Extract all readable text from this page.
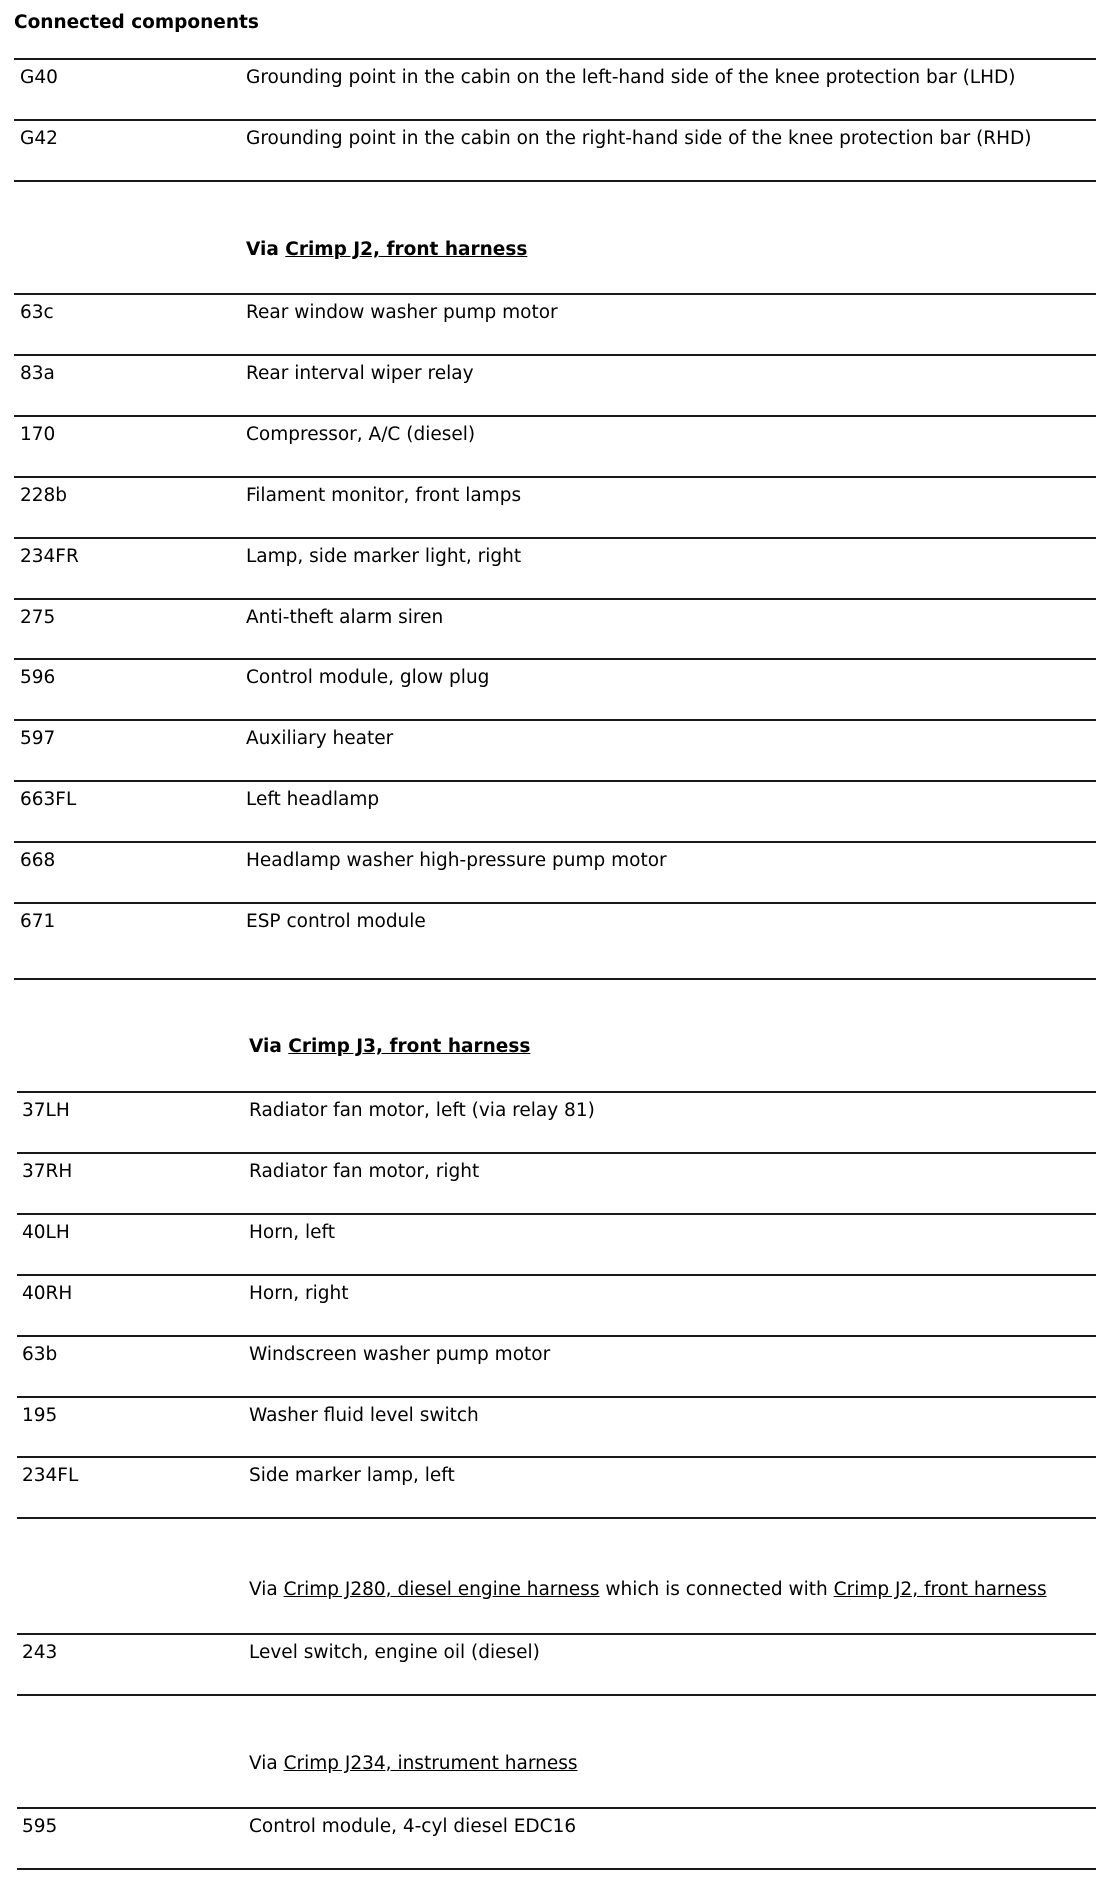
Connected components
G40	Grounding point in the cabin on the left-hand side of the knee protection bar (LHD)
G42	Grounding point in the cabin on the right-hand side of the knee protection bar (RHD)
Via Crimp J2, front harness
63c	Rear window washer pump motor
83a	Rear interval wiper relay
170	Compressor, A/C (diesel)
228b	Filament monitor, front lamps
234FR	Lamp, side marker light, right
275	Anti-theft alarm siren
596	Control module, glow plug
597	Auxiliary heater
663FL	Left headlamp
668	Headlamp washer high-pressure pump motor
671	ESP control module
Via Crimp J3, front harness
37LH	Radiator fan motor, left (via relay 81)
37RH	Radiator fan motor, right
40LH	Horn, left
40RH	Horn, right
63b	Windscreen washer pump motor
195	Washer fluid level switch
234FL	Side marker lamp, left
Via Crimp J280, diesel engine harness which is connected with Crimp J2, front harness
243	Level switch, engine oil (diesel)
Via Crimp J234, instrument harness
595	Control module, 4-cyl diesel EDC16
